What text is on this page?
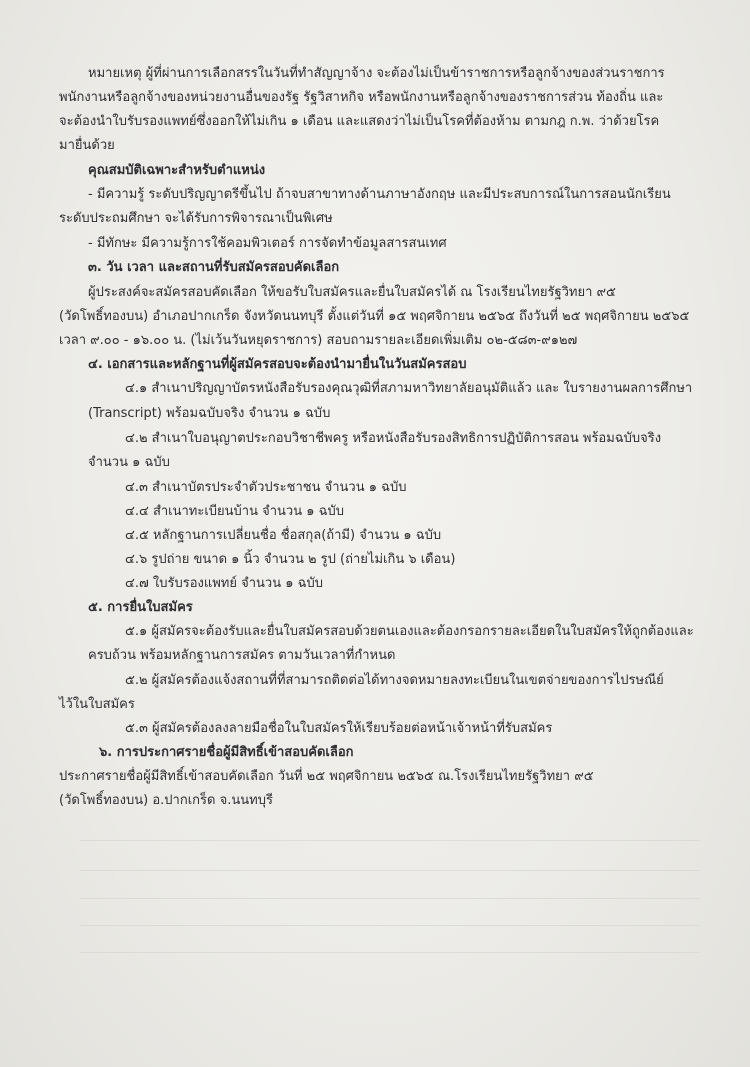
หมายเหตุ ผู้ที่ผ่านการเลือกสรรในวันที่ทำสัญญาจ้าง จะต้องไม่เป็นข้าราชการหรือลูกจ้างของส่วนราชการ
พนักงานหรือลูกจ้างของหน่วยงานอื่นของรัฐ รัฐวิสาหกิจ หรือพนักงานหรือลูกจ้างของราชการส่วน ท้องถิ่น และ
จะต้องนำใบรับรองแพทย์ซึ่งออกให้ไม่เกิน ๑ เดือน และแสดงว่าไม่เป็นโรคที่ต้องห้าม ตามกฎ ก.พ. ว่าด้วยโรค
มายื่นด้วย
คุณสมบัติเฉพาะสำหรับตำแหน่ง
- มีความรู้ ระดับปริญญาตรีขึ้นไป ถ้าจบสาขาทางด้านภาษาอังกฤษ และมีประสบการณ์ในการสอนนักเรียน
ระดับประถมศึกษา จะได้รับการพิจารณาเป็นพิเศษ
- มีทักษะ มีความรู้การใช้คอมพิวเตอร์ การจัดทำข้อมูลสารสนเทศ
๓. วัน เวลา และสถานที่รับสมัครสอบคัดเลือก
ผู้ประสงค์จะสมัครสอบคัดเลือก ให้ขอรับใบสมัครและยื่นใบสมัครได้ ณ โรงเรียนไทยรัฐวิทยา ๙๕
(วัดโพธิ์ทองบน) อำเภอปากเกร็ด จังหวัดนนทบุรี ตั้งแต่วันที่ ๑๕ พฤศจิกายน ๒๕๖๕ ถึงวันที่ ๒๕ พฤศจิกายน ๒๕๖๕
เวลา ๙.๐๐ - ๑๖.๐๐ น. (ไม่เว้นวันหยุดราชการ) สอบถามรายละเอียดเพิ่มเติม ๐๒-๕๘๓-๙๑๒๗
๔. เอกสารและหลักฐานที่ผู้สมัครสอบจะต้องนำมายื่นในวันสมัครสอบ
๔.๑ สำเนาปริญญาบัตรหนังสือรับรองคุณวุฒิที่สภามหาวิทยาลัยอนุมัติแล้ว และ ใบรายงานผลการศึกษา
(Transcript) พร้อมฉบับจริง จำนวน ๑ ฉบับ
๔.๒ สำเนาใบอนุญาตประกอบวิชาชีพครู หรือหนังสือรับรองสิทธิการปฏิบัติการสอน พร้อมฉบับจริง
จำนวน ๑ ฉบับ
๔.๓ สำเนาบัตรประจำตัวประชาชน จำนวน ๑ ฉบับ
๔.๔ สำเนาทะเบียนบ้าน จำนวน ๑ ฉบับ
๔.๕ หลักฐานการเปลี่ยนชื่อ ชื่อสกุล(ถ้ามี) จำนวน ๑ ฉบับ
๔.๖ รูปถ่าย ขนาด ๑ นิ้ว จำนวน ๒ รูป (ถ่ายไม่เกิน ๖ เดือน)
๔.๗ ใบรับรองแพทย์ จำนวน ๑ ฉบับ
๕. การยื่นใบสมัคร
๕.๑ ผู้สมัครจะต้องรับและยื่นใบสมัครสอบด้วยตนเองและต้องกรอกรายละเอียดในใบสมัครให้ถูกต้องและ
ครบถ้วน พร้อมหลักฐานการสมัคร ตามวันเวลาที่กำหนด
๕.๒ ผู้สมัครต้องแจ้งสถานที่ที่สามารถติดต่อได้ทางจดหมายลงทะเบียนในเขตจ่ายของการไปรษณีย์
ไว้ในใบสมัคร
๕.๓ ผู้สมัครต้องลงลายมือชื่อในใบสมัครให้เรียบร้อยต่อหน้าเจ้าหน้าที่รับสมัคร
๖. การประกาศรายชื่อผู้มีสิทธิ์เข้าสอบคัดเลือก
ประกาศรายชื่อผู้มีสิทธิ์เข้าสอบคัดเลือก วันที่ ๒๕ พฤศจิกายน ๒๕๖๕ ณ.โรงเรียนไทยรัฐวิทยา ๙๕
(วัดโพธิ์ทองบน) อ.ปากเกร็ด จ.นนทบุรี
